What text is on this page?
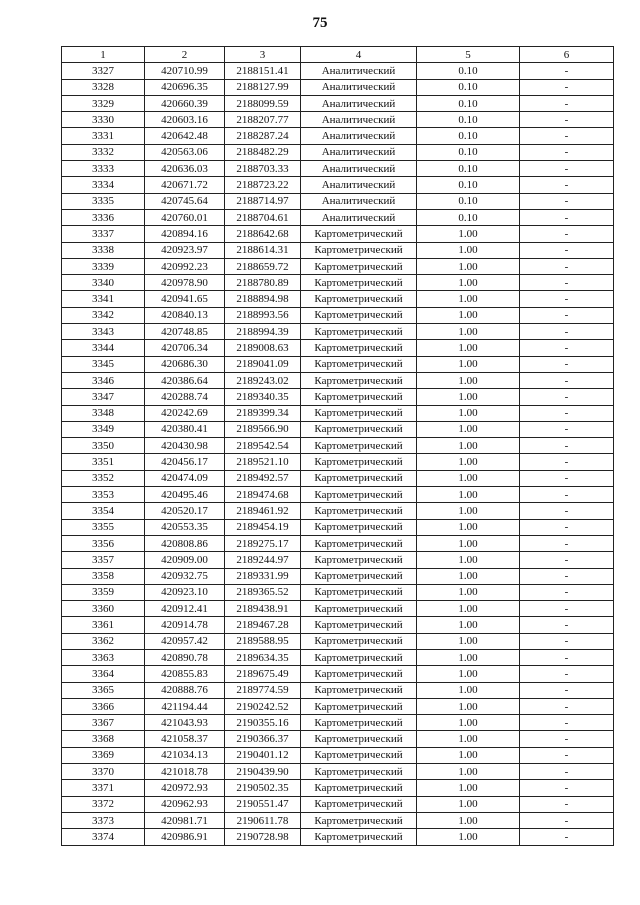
75
1	2	3	4	5	6
3327	420710.99	2188151.41	Аналитический	0.10	-
3328	420696.35	2188127.99	Аналитический	0.10	-
3329	420660.39	2188099.59	Аналитический	0.10	-
3330	420603.16	2188207.77	Аналитический	0.10	-
3331	420642.48	2188287.24	Аналитический	0.10	-
3332	420563.06	2188482.29	Аналитический	0.10	-
3333	420636.03	2188703.33	Аналитический	0.10	-
3334	420671.72	2188723.22	Аналитический	0.10	-
3335	420745.64	2188714.97	Аналитический	0.10	-
3336	420760.01	2188704.61	Аналитический	0.10	-
3337	420894.16	2188642.68	Картометрический	1.00	-
3338	420923.97	2188614.31	Картометрический	1.00	-
3339	420992.23	2188659.72	Картометрический	1.00	-
3340	420978.90	2188780.89	Картометрический	1.00	-
3341	420941.65	2188894.98	Картометрический	1.00	-
3342	420840.13	2188993.56	Картометрический	1.00	-
3343	420748.85	2188994.39	Картометрический	1.00	-
3344	420706.34	2189008.63	Картометрический	1.00	-
3345	420686.30	2189041.09	Картометрический	1.00	-
3346	420386.64	2189243.02	Картометрический	1.00	-
3347	420288.74	2189340.35	Картометрический	1.00	-
3348	420242.69	2189399.34	Картометрический	1.00	-
3349	420380.41	2189566.90	Картометрический	1.00	-
3350	420430.98	2189542.54	Картометрический	1.00	-
3351	420456.17	2189521.10	Картометрический	1.00	-
3352	420474.09	2189492.57	Картометрический	1.00	-
3353	420495.46	2189474.68	Картометрический	1.00	-
3354	420520.17	2189461.92	Картометрический	1.00	-
3355	420553.35	2189454.19	Картометрический	1.00	-
3356	420808.86	2189275.17	Картометрический	1.00	-
3357	420909.00	2189244.97	Картометрический	1.00	-
3358	420932.75	2189331.99	Картометрический	1.00	-
3359	420923.10	2189365.52	Картометрический	1.00	-
3360	420912.41	2189438.91	Картометрический	1.00	-
3361	420914.78	2189467.28	Картометрический	1.00	-
3362	420957.42	2189588.95	Картометрический	1.00	-
3363	420890.78	2189634.35	Картометрический	1.00	-
3364	420855.83	2189675.49	Картометрический	1.00	-
3365	420888.76	2189774.59	Картометрический	1.00	-
3366	421194.44	2190242.52	Картометрический	1.00	-
3367	421043.93	2190355.16	Картометрический	1.00	-
3368	421058.37	2190366.37	Картометрический	1.00	-
3369	421034.13	2190401.12	Картометрический	1.00	-
3370	421018.78	2190439.90	Картометрический	1.00	-
3371	420972.93	2190502.35	Картометрический	1.00	-
3372	420962.93	2190551.47	Картометрический	1.00	-
3373	420981.71	2190611.78	Картометрический	1.00	-
3374	420986.91	2190728.98	Картометрический	1.00	-
